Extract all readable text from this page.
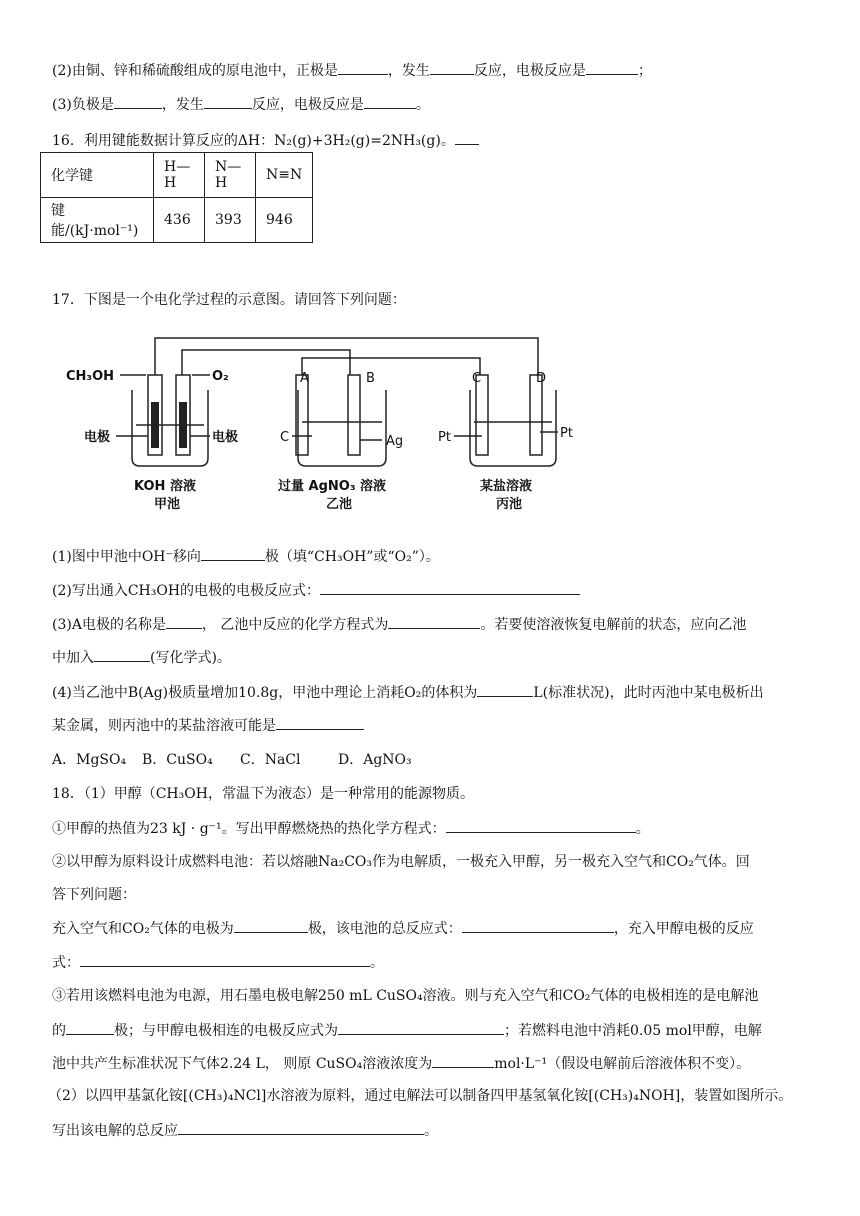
(2)由铜、锌和稀硫酸组成的原电池中，正极是	，发生	反应，电极反应是	；
(3)负极是	，发生	反应，电极反应是	。
16．利用键能数据计算反应的ΔH：N₂(g)+3H₂(g)=2NH₃(g)。
化学键	H—H	N—H	N≡N
键能/(kJ·mol⁻¹)	436	393	946
17．下图是一个电化学过程的示意图。请回答下列问题：
CH₃OH	O₂
电极	电极
KOH 溶液
甲池
过量 AgNO₃ 溶液
乙池
某盐溶液
丙池
A	B
C	Ag
C	D
Pt	Pt
(1)图中甲池中OH⁻移向	极（填“CH₃OH”或“O₂”）。
(2)写出通入CH₃OH的电极的电极反应式：
(3)A电极的名称是	， 乙池中反应的化学方程式为	。若要使溶液恢复电解前的状态，应向乙池
中加入	(写化学式)。
(4)当乙池中B(Ag)极质量增加10.8g，甲池中理论上消耗O₂的体积为	L(标准状况)，此时丙池中某电极析出
某金属，则丙池中的某盐溶液可能是
A．MgSO₄ B．CuSO₄ C．NaCl	D．AgNO₃
18．（1）甲醇（CH₃OH，常温下为液态）是一种常用的能源物质。
①甲醇的热值为23 kJ · g⁻¹。写出甲醇燃烧热的热化学方程式：	。
②以甲醇为原料设计成燃料电池：若以熔融Na₂CO₃作为电解质，一极充入甲醇，另一极充入空气和CO₂气体。回
答下列问题：
充入空气和CO₂气体的电极为	极，该电池的总反应式：	，充入甲醇电极的反应
式：	。
③若用该燃料电池为电源，用石墨电极电解250 mL CuSO₄溶液。则与充入空气和CO₂气体的电极相连的是电解池
的	极；与甲醇电极相连的电极反应式为	；若燃料电池中消耗0.05 mol甲醇，电解
池中共产生标准状况下气体2.24 L， 则原 CuSO₄溶液浓度为	mol·L⁻¹（假设电解前后溶液体积不变）。
（2）以四甲基氯化铵[(CH₃)₄NCl]水溶液为原料，通过电解法可以制备四甲基氢氧化铵[(CH₃)₄NOH]，装置如图所示。
写出该电解的总反应	。
